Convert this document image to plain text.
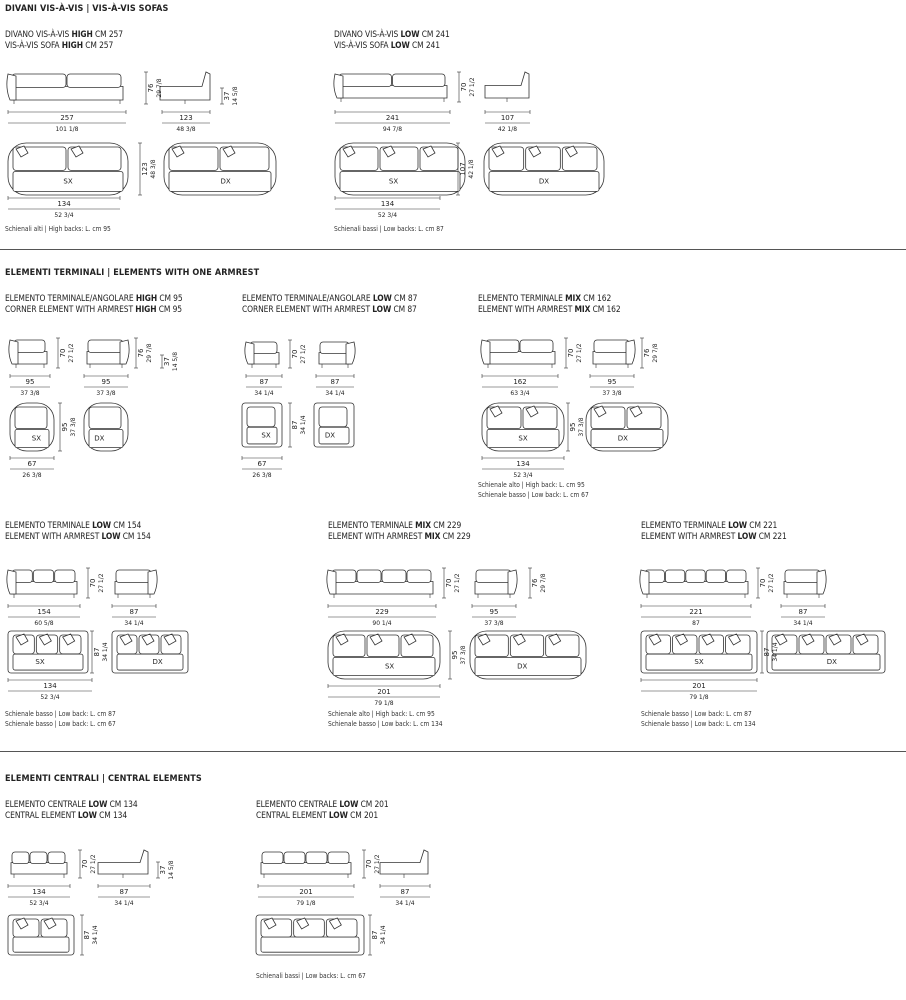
DIVANI VIS-À-VIS | VIS-À-VIS SOFAS
DIVANO VIS-À-VIS HIGH CM 257
VIS-À-VIS SOFA HIGH CM 257
DIVANO VIS-À-VIS LOW CM 241
VIS-À-VIS SOFA LOW CM 241
Schienali alti | High backs: L. cm 95	Schienali bassi | Low backs: L. cm 87
ELEMENTI TERMINALI | ELEMENTS WITH ONE ARMREST
ELEMENTO TERMINALE/ANGOLARE HIGH CM 95
CORNER ELEMENT WITH ARMREST HIGH CM 95
ELEMENTO TERMINALE/ANGOLARE LOW CM 87
CORNER ELEMENT WITH ARMREST LOW CM 87
ELEMENTO TERMINALE MIX CM 162
ELEMENT WITH ARMREST MIX CM 162
Schienale alto | High back: L. cm 95
Schienale basso | Low back: L. cm 67
ELEMENTO TERMINALE LOW CM 154
ELEMENT WITH ARMREST LOW CM 154
ELEMENTO TERMINALE MIX CM 229
ELEMENT WITH ARMREST MIX CM 229
ELEMENTO TERMINALE LOW CM 221
ELEMENT WITH ARMREST LOW CM 221
Schienale basso | Low back: L. cm 87
Schienale basso | Low back: L. cm 67
Schienale alto | High back: L. cm 95
Schienale basso | Low back: L. cm 134
Schienale basso | Low back: L. cm 87
Schienale basso | Low back: L. cm 134
ELEMENTI CENTRALI | CENTRAL ELEMENTS
ELEMENTO CENTRALE LOW CM 134
CENTRAL ELEMENT LOW CM 134
ELEMENTO CENTRALE LOW CM 201
CENTRAL ELEMENT LOW CM 201
Schienali bassi | Low backs: L. cm 67
76 29 7/8	37 14 5/8
257
101 1/8
123
48 3/8
SX	DX
123 48 3/8
134
52 3/4
70 27 1/2
241
94 7/8
107
42 1/8
SX	DX
107 42 1/8
134
52 3/4
70 27 1/2	76 29 7/8 37 14 5/8
95
37 3/8
95
37 3/8
SX	DX
95 37 3/8
67
26 3/8
70 27 1/2
87
34 1/4
87
34 1/4
SX	DX
87 34 1/4
67
26 3/8
70 27 1/2	76 29 7/8
162
63 3/4
95
37 3/8
SX	DX
95 37 3/8
134
52 3/4
70 27 1/2
154
60 5/8
87
34 1/4
SX	DX
87 34 1/4
134
52 3/4
70 27 1/2	76 29 7/8
229
90 1/4
95
37 3/8
SX	DX
95 37 3/8
201
79 1/8
70 27 1/2
221
87
87
34 1/4
SX	DX
87 34 1/4
201
79 1/8
70 27 1/2	37 14 5/8
134
52 3/4
87
34 1/4
87 34 1/4
70 27 1/2
201
79 1/8
87
34 1/4
87 34 1/4
